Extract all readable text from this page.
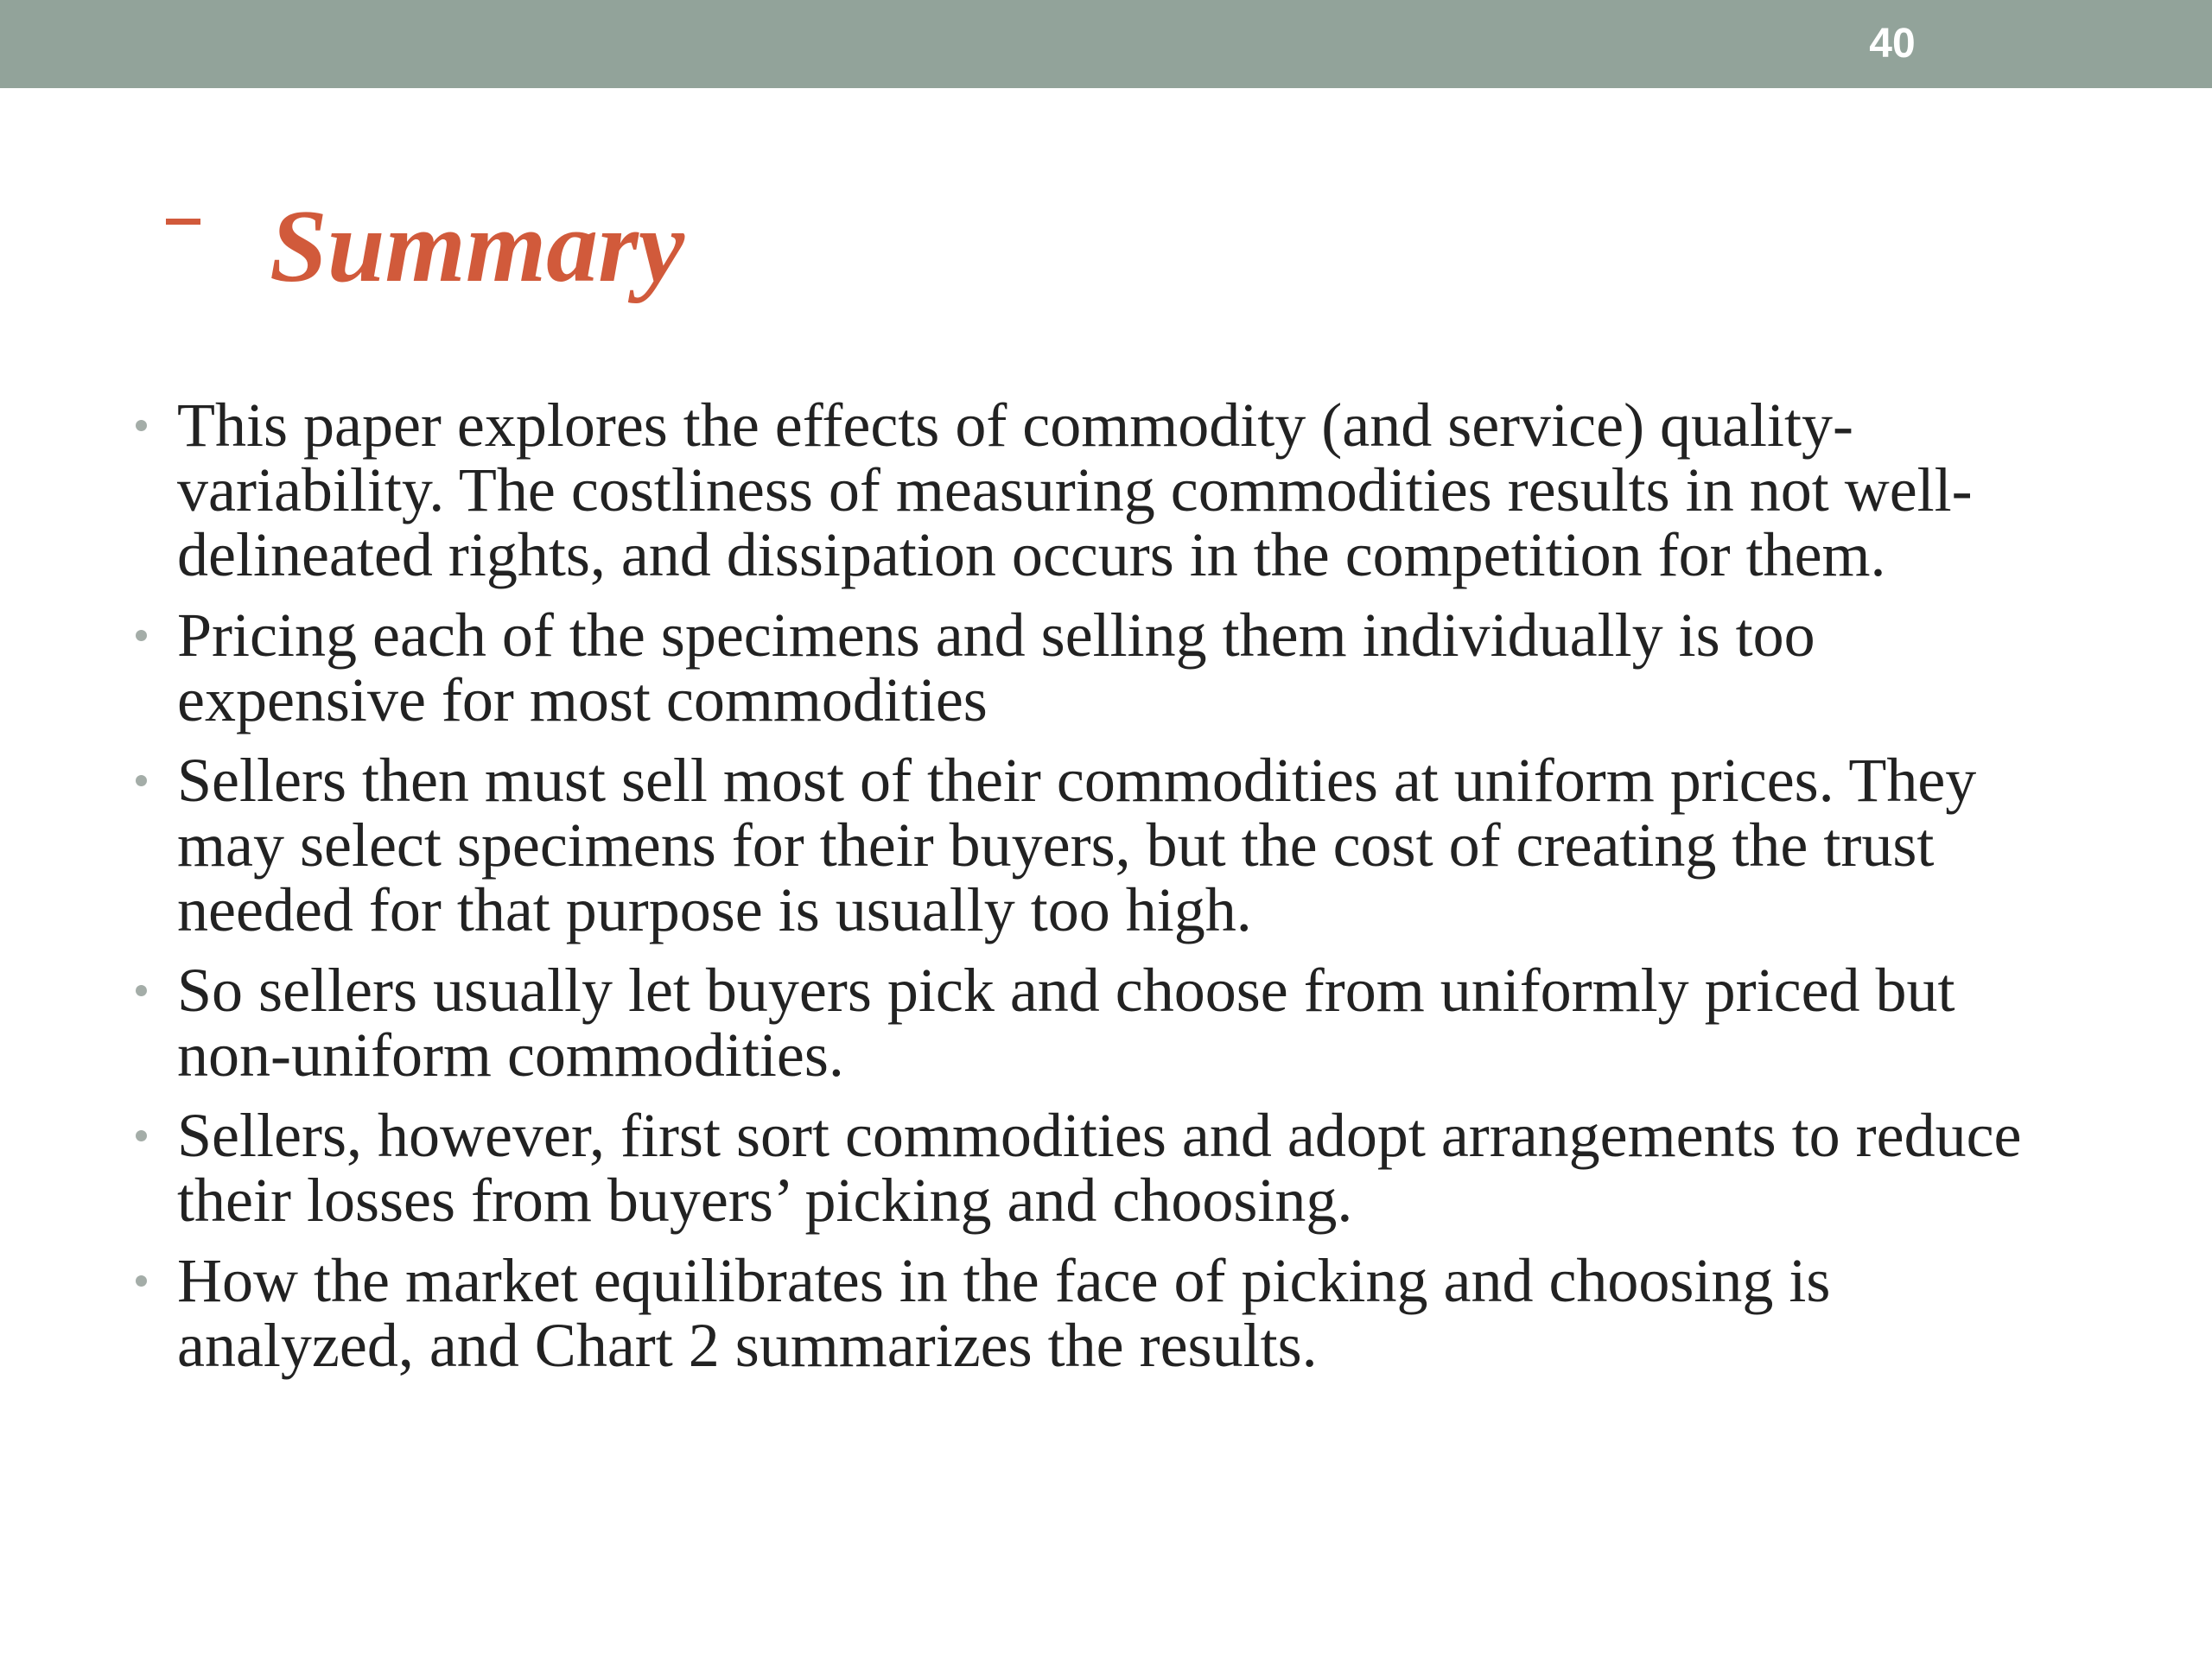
40
Summary
This paper explores the effects of commodity (and service) quality-variability. The costliness of measuring commodities results in not well-delineated rights, and dissipation occurs in the competition for them.
Pricing each of the specimens and selling them individually is too expensive for most commodities
Sellers then must sell most of their commodities at uniform prices. They may select specimens for their buyers, but the cost of creating the trust needed for that purpose is usually too high.
So sellers usually let buyers pick and choose from uniformly priced but non-uniform commodities.
Sellers, however, first sort commodities and adopt arrangements to reduce their losses from buyers’ picking and choosing.
How the market equilibrates in the face of picking and choosing is analyzed, and Chart 2 summarizes the results.
